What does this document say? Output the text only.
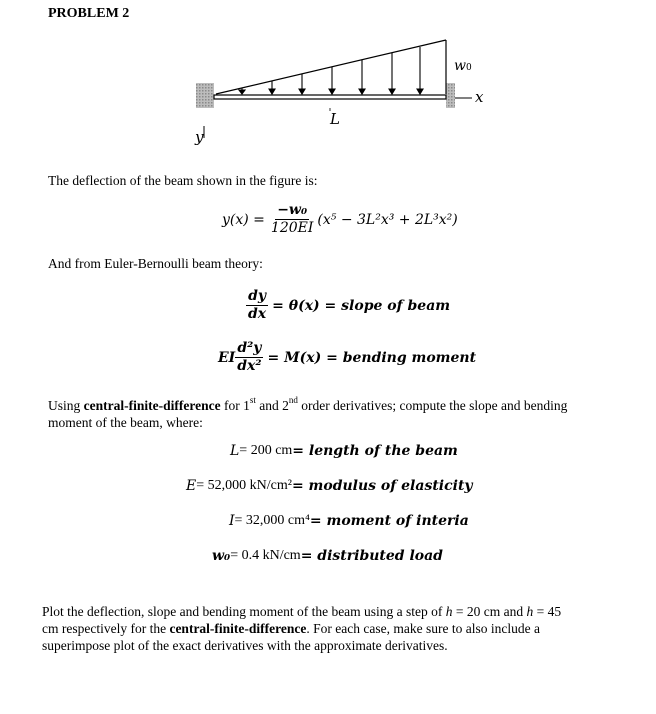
PROBLEM 2
w0
L
x
y
The deflection of the beam shown in the figure is:
$y(x) = \frac{\text{−w₀}}{120EI} (x^5 - 3L^2x^3 + 2L^3x^2)$
And from Euler-Bernoulli beam theory:
$\frac{dy}{dx} = \theta(x)$ = slope of beam
EI $\frac{\text{d²y}}{\text{dx²}} = M(x)$ = bending moment
Using central-finite-difference for 1st and 2nd order derivatives; compute the slope and bending
moment of the beam, where:
L = 200 cm = length of the beam
E = 52,000 kN/cm² = modulus of elasticity
I = 32,000 cm⁴ = moment of interia
w₀ = 0.4 kN/cm = distributed load
Plot the deflection, slope and bending moment of the beam using a step of h = 20 cm and h = 45
cm respectively for the central-finite-difference. For each case, make sure to also include a
superimpose plot of the exact derivatives with the approximate derivatives.
